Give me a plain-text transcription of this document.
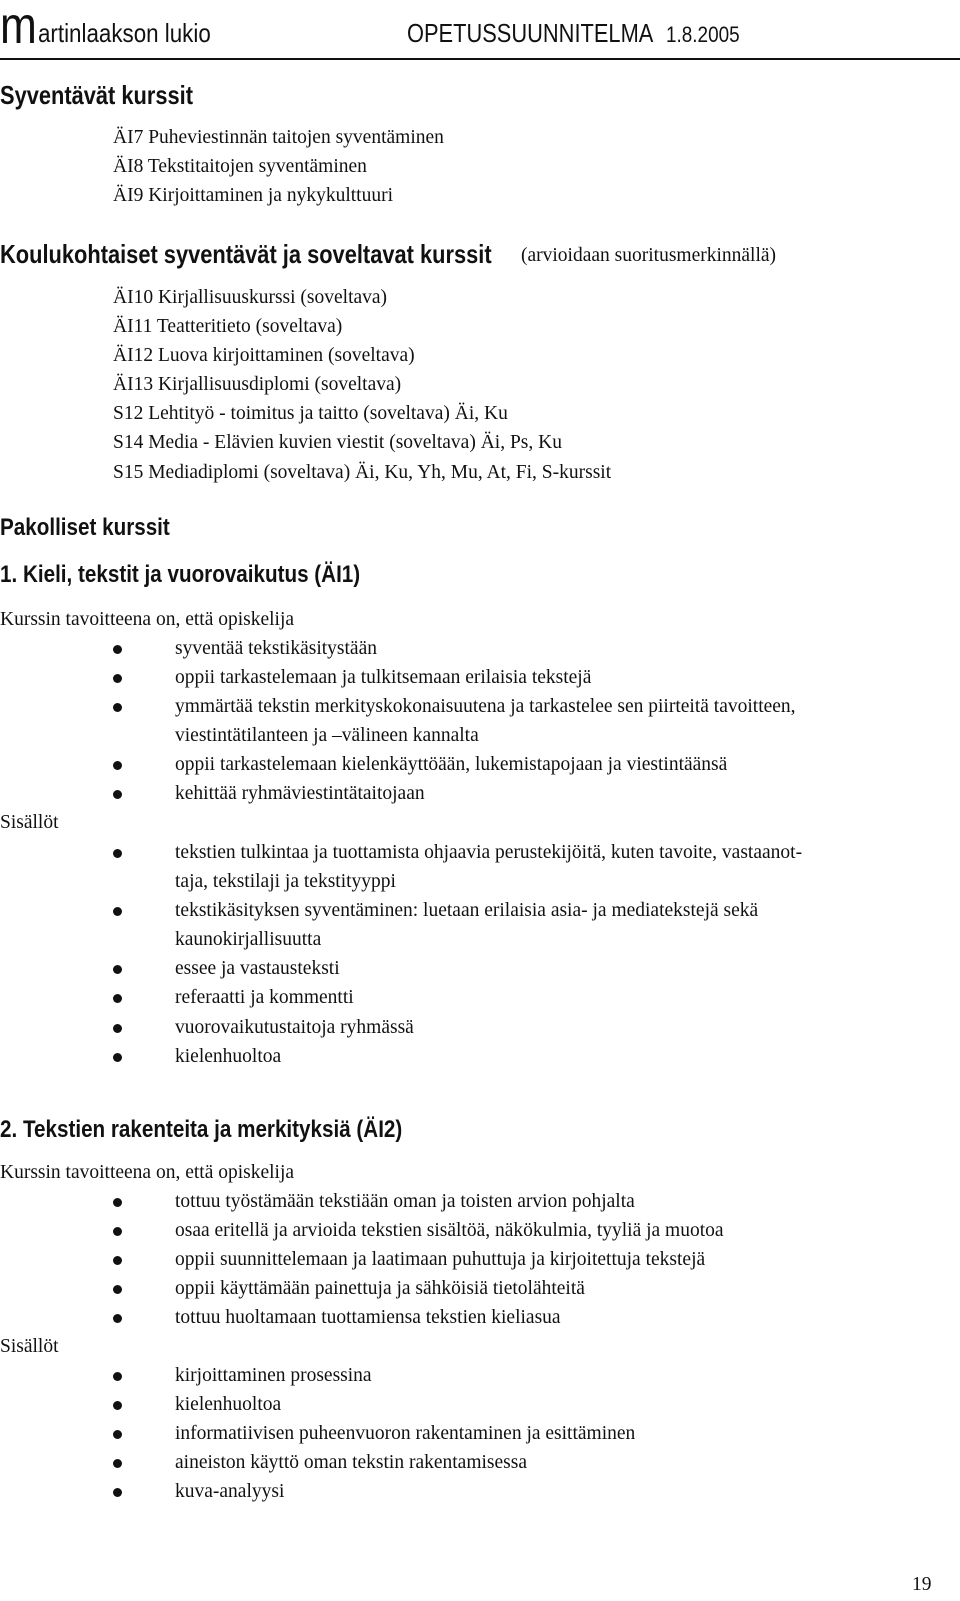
m artinlaakson lukio	OPETUSSUUNNITELMA 1.8.2005
Syventävät kurssit
ÄI7 Puheviestinnän taitojen syventäminen
ÄI8 Tekstitaitojen syventäminen
ÄI9 Kirjoittaminen ja nykykulttuuri
Koulukohtaiset syventävät ja soveltavat kurssit	(arvioidaan suoritusmerkinnällä)
ÄI10 Kirjallisuuskurssi (soveltava)
ÄI11 Teatteritieto (soveltava)
ÄI12 Luova kirjoittaminen (soveltava)
ÄI13 Kirjallisuusdiplomi (soveltava)
S12 Lehtityö - toimitus ja taitto (soveltava) Äi, Ku
S14 Media - Elävien kuvien viestit (soveltava) Äi, Ps, Ku
S15 Mediadiplomi (soveltava) Äi, Ku, Yh, Mu, At, Fi, S-kurssit
Pakolliset kurssit
1. Kieli, tekstit ja vuorovaikutus (ÄI1)
Kurssin tavoitteena on, että opiskelija
syventää tekstikäsitystään
oppii tarkastelemaan ja tulkitsemaan erilaisia tekstejä
ymmärtää tekstin merkityskokonaisuutena ja tarkastelee sen piirteitä tavoitteen,
viestintätilanteen ja –välineen kannalta
oppii tarkastelemaan kielenkäyttöään, lukemistapojaan ja viestintäänsä
kehittää ryhmäviestintätaitojaan
Sisällöt
tekstien tulkintaa ja tuottamista ohjaavia perustekijöitä, kuten tavoite, vastaanot-
taja, tekstilaji ja tekstityyppi
tekstikäsityksen syventäminen: luetaan erilaisia asia- ja mediatekstejä sekä
kaunokirjallisuutta
essee ja vastausteksti
referaatti ja kommentti
vuorovaikutustaitoja ryhmässä
kielenhuoltoa
2. Tekstien rakenteita ja merkityksiä (ÄI2)
Kurssin tavoitteena on, että opiskelija
tottuu työstämään tekstiään oman ja toisten arvion pohjalta
osaa eritellä ja arvioida tekstien sisältöä, näkökulmia, tyyliä ja muotoa
oppii suunnittelemaan ja laatimaan puhuttuja ja kirjoitettuja tekstejä
oppii käyttämään painettuja ja sähköisiä tietolähteitä
tottuu huoltamaan tuottamiensa tekstien kieliasua
Sisällöt
kirjoittaminen prosessina
kielenhuoltoa
informatiivisen puheenvuoron rakentaminen ja esittäminen
aineiston käyttö oman tekstin rakentamisessa
kuva-analyysi
19
